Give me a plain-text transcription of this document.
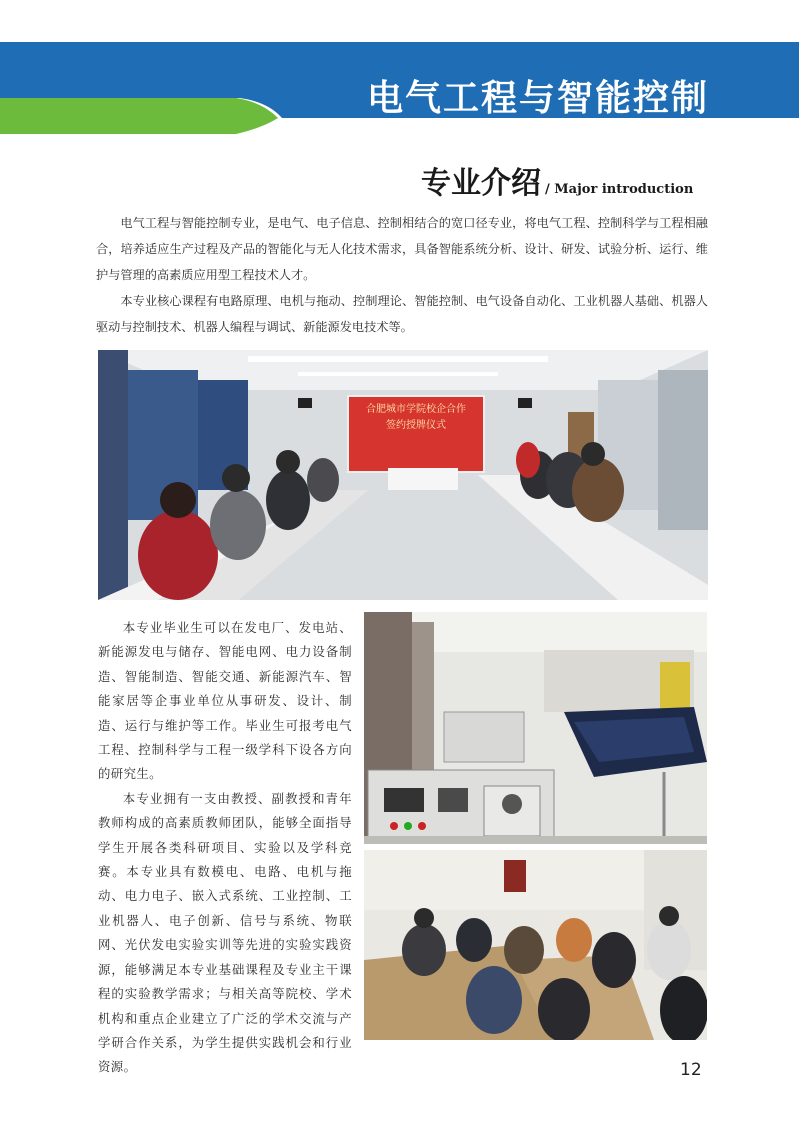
电气工程与智能控制
专业介绍 / Major introduction

电气工程与智能控制专业，是电气、电子信息、控制相结合的宽口径专业，将电气工程、控制科学与工程相融合，培养适应生产过程及产品的智能化与无人化技术需求，具备智能系统分析、设计、研发、试验分析、运行、维护与管理的高素质应用型工程技术人才。

本专业核心课程有电路原理、电机与拖动、控制理论、智能控制、电气设备自动化、工业机器人基础、机器人驱动与控制技术、机器人编程与调试、新能源发电技术等。

合肥城市学院校企合作
签约授牌仪式

本专业毕业生可以在发电厂、发电站、新能源发电与储存、智能电网、电力设备制造、智能制造、智能交通、新能源汽车、智能家居等企事业单位从事研发、设计、制造、运行与维护等工作。毕业生可报考电气工程、控制科学与工程一级学科下设各方向的研究生。

本专业拥有一支由教授、副教授和青年教师构成的高素质教师团队，能够全面指导学生开展各类科研项目、实验以及学科竞赛。本专业具有数模电、电路、电机与拖动、电力电子、嵌入式系统、工业控制、工业机器人、电子创新、信号与系统、物联网、光伏发电实验实训等先进的实验实践资源，能够满足本专业基础课程及专业主干课程的实验教学需求；与相关高等院校、学术机构和重点企业建立了广泛的学术交流与产学研合作关系，为学生提供实践机会和行业资源。	12
